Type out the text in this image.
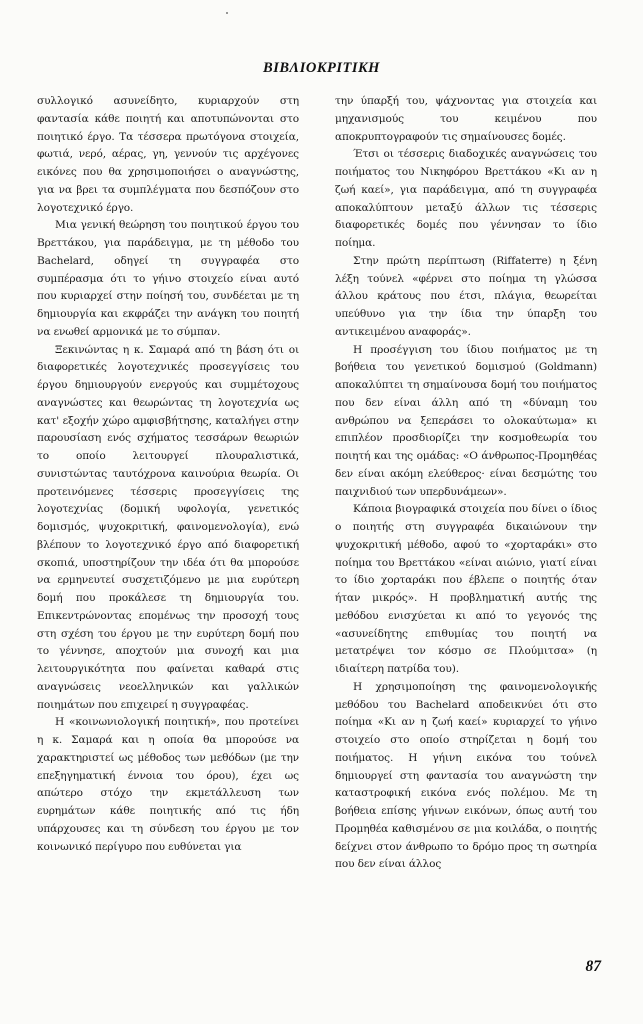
ΒΙΒΛΙΟΚΡΙΤΙΚΗ

συλλογικό ασυνείδητο, κυριαρχούν στη φαντασία κάθε ποιητή και αποτυπώνονται στο ποιητικό έργο. Τα τέσσερα πρωτόγονα στοιχεία, φωτιά, νερό, αέρας, γη, γεννούν τις αρχέγονες εικόνες που θα χρησιμοποιήσει ο αναγνώστης, για να βρει τα συμπλέγματα που δεσπόζουν στο λογοτεχνικό έργο.

Μια γενική θεώρηση του ποιητικού έργου του Βρεττάκου, για παράδειγμα, με τη μέθοδο του Bachelard, οδηγεί τη συγγραφέα στο συμπέρασμα ότι το γήινο στοιχείο είναι αυτό που κυριαρχεί στην ποίησή του, συνδέεται με τη δημιουργία και εκφράζει την ανάγκη του ποιητή να ενωθεί αρμονικά με το σύμπαν.

Ξεκινώντας η κ. Σαμαρά από τη βάση ότι οι διαφορετικές λογοτεχνικές προσεγγίσεις του έργου δημιουργούν ενεργούς και συμμέτοχους αναγνώστες και θεωρώντας τη λογοτεχνία ως κατ' εξοχήν χώρο αμφισβήτησης, καταλήγει στην παρουσίαση ενός σχήματος τεσσάρων θεωριών το οποίο λειτουργεί πλουραλιστικά, συνιστώντας ταυτόχρονα καινούρια θεωρία. Οι προτεινόμενες τέσσερις προσεγγίσεις της λογοτεχνίας (δομική υφολογία, γενετικός δομισμός, ψυχοκριτική, φαινομενολογία), ενώ βλέπουν το λογοτεχνικό έργο από διαφορετική σκοπιά, υποστηρίζουν την ιδέα ότι θα μπορούσε να ερμηνευτεί συσχετιζόμενο με μια ευρύτερη δομή που προκάλεσε τη δημιουργία του. Επικεντρώνοντας επομένως την προσοχή τους στη σχέση του έργου με την ευρύτερη δομή που το γέννησε, αποχτούν μια συνοχή και μια λειτουργικότητα που φαίνεται καθαρά στις αναγνώσεις νεοελληνικών και γαλλικών ποιημάτων που επιχειρεί η συγγραφέας.

Η «κοινωνιολογική ποιητική», που προτείνει η κ. Σαμαρά και η οποία θα μπορούσε να χαρακτηριστεί ως μέθοδος των μεθόδων (με την επεξηγηματική έννοια του όρου), έχει ως απώτερο στόχο την εκμετάλλευση των ευρημάτων κάθε ποιητικής από τις ήδη υπάρχουσες και τη σύνδεση του έργου με τον κοινωνικό περίγυρο που ευθύνεται για

την ύπαρξή του, ψάχνοντας για στοιχεία και μηχανισμούς του κειμένου που αποκρυπτογραφούν τις σημαίνουσες δομές.

Έτσι οι τέσσερις διαδοχικές αναγνώσεις του ποιήματος του Νικηφόρου Βρεττάκου «Κι αν η ζωή καεί», για παράδειγμα, από τη συγγραφέα αποκαλύπτουν μεταξύ άλλων τις τέσσερις διαφορετικές δομές που γέννησαν το ίδιο ποίημα.

Στην πρώτη περίπτωση (Riffaterre) η ξένη λέξη τούνελ «φέρνει στο ποίημα τη γλώσσα άλλου κράτους που έτσι, πλάγια, θεωρείται υπεύθυνο για την ίδια την ύπαρξη του αντικειμένου αναφοράς».

Η προσέγγιση του ίδιου ποιήματος με τη βοήθεια του γενετικού δομισμού (Goldmann) αποκαλύπτει τη σημαίνουσα δομή του ποιήματος που δεν είναι άλλη από τη «δύναμη του ανθρώπου να ξεπεράσει το ολοκαύτωμα» κι επιπλέον προσδιορίζει την κοσμοθεωρία του ποιητή και της ομάδας: «Ο άνθρωπος-Προμηθέας δεν είναι ακόμη ελεύθερος· είναι δεσμώτης του παιχνιδιού των υπερδυνάμεων».

Κάποια βιογραφικά στοιχεία που δίνει ο ίδιος ο ποιητής στη συγγραφέα δικαιώνουν την ψυχοκριτική μέθοδο, αφού το «χορταράκι» στο ποίημα του Βρεττάκου «είναι αιώνιο, γιατί είναι το ίδιο χορταράκι που έβλεπε ο ποιητής όταν ήταν μικρός». Η προβληματική αυτής της μεθόδου ενισχύεται κι από το γεγονός της «ασυνείδητης επιθυμίας του ποιητή να μετατρέψει τον κόσμο σε Πλούμιτσα» (η ιδιαίτερη πατρίδα του).

Η χρησιμοποίηση της φαινομενολογικής μεθόδου του Bachelard αποδεικνύει ότι στο ποίημα «Κι αν η ζωή καεί» κυριαρχεί το γήινο στοιχείο στο οποίο στηρίζεται η δομή του ποιήματος. Η γήινη εικόνα του τούνελ δημιουργεί στη φαντασία του αναγνώστη την καταστροφική εικόνα ενός πολέμου. Με τη βοήθεια επίσης γήινων εικόνων, όπως αυτή του Προμηθέα καθισμένου σε μια κοιλάδα, ο ποιητής δείχνει στον άνθρωπο το δρόμο προς τη σωτηρία που δεν είναι άλλος

87
